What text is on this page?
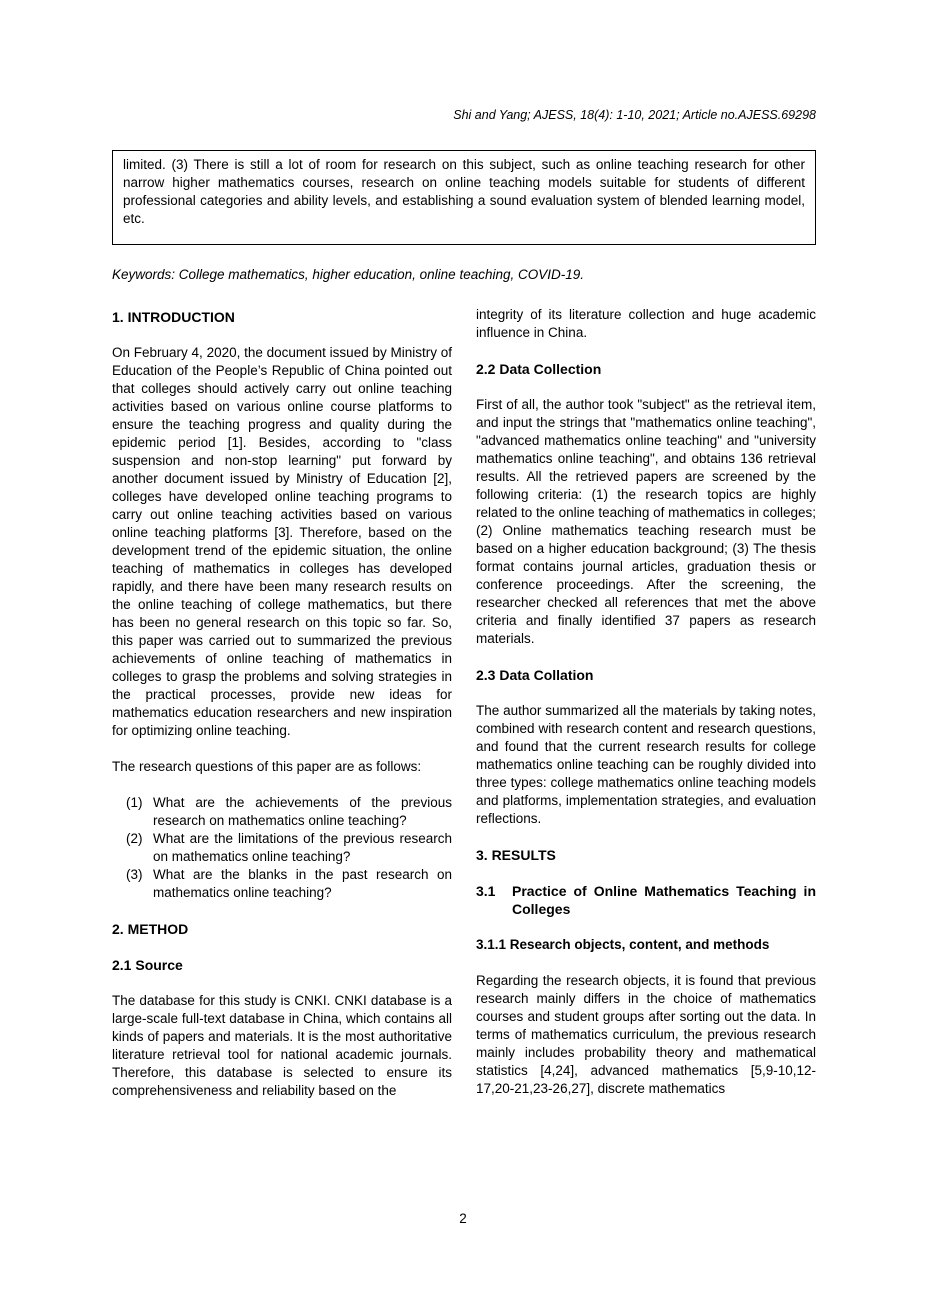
Shi and Yang; AJESS, 18(4): 1-10, 2021; Article no.AJESS.69298

limited. (3) There is still a lot of room for research on this subject, such as online teaching research for other narrow higher mathematics courses, research on online teaching models suitable for students of different professional categories and ability levels, and establishing a sound evaluation system of blended learning model, etc.

Keywords: College mathematics, higher education, online teaching, COVID-19.

1. INTRODUCTION

On February 4, 2020, the document issued by Ministry of Education of the People’s Republic of China pointed out that colleges should actively carry out online teaching activities based on various online course platforms to ensure the teaching progress and quality during the epidemic period [1]. Besides, according to "class suspension and non-stop learning" put forward by another document issued by Ministry of Education [2], colleges have developed online teaching programs to carry out online teaching activities based on various online teaching platforms [3]. Therefore, based on the development trend of the epidemic situation, the online teaching of mathematics in colleges has developed rapidly, and there have been many research results on the online teaching of college mathematics, but there has been no general research on this topic so far. So, this paper was carried out to summarized the previous achievements of online teaching of mathematics in colleges to grasp the problems and solving strategies in the practical processes, provide new ideas for mathematics education researchers and new inspiration for optimizing online teaching.

The research questions of this paper are as follows:

(1) What are the achievements of the previous research on mathematics online teaching?
(2) What are the limitations of the previous research on mathematics online teaching?
(3) What are the blanks in the past research on mathematics online teaching?
2. METHOD
2.1 Source

The database for this study is CNKI. CNKI database is a large-scale full-text database in China, which contains all kinds of papers and materials. It is the most authoritative literature retrieval tool for national academic journals. Therefore, this database is selected to ensure its comprehensiveness and reliability based on the

integrity of its literature collection and huge academic influence in China.

2.2 Data Collection

First of all, the author took "subject" as the retrieval item, and input the strings that "mathematics online teaching", "advanced mathematics online teaching" and "university mathematics online teaching", and obtains 136 retrieval results. All the retrieved papers are screened by the following criteria: (1) the research topics are highly related to the online teaching of mathematics in colleges; (2) Online mathematics teaching research must be based on a higher education background; (3) The thesis format contains journal articles, graduation thesis or conference proceedings. After the screening, the researcher checked all references that met the above criteria and finally identified 37 papers as research materials.

2.3 Data Collation

The author summarized all the materials by taking notes, combined with research content and research questions, and found that the current research results for college mathematics online teaching can be roughly divided into three types: college mathematics online teaching models and platforms, implementation strategies, and evaluation reflections.

3. RESULTS
3.1	Practice of Online Mathematics Teaching in Colleges
3.1.1 Research objects, content, and methods

Regarding the research objects, it is found that previous research mainly differs in the choice of mathematics courses and student groups after sorting out the data. In terms of mathematics curriculum, the previous research mainly includes probability theory and mathematical statistics [4,24], advanced mathematics [5,9-10,12-17,20-21,23-26,27], discrete mathematics

2
